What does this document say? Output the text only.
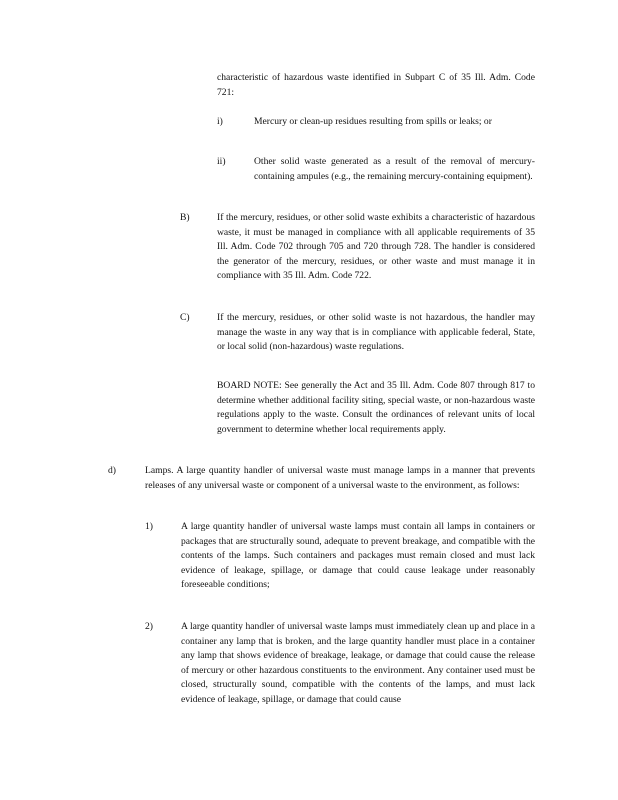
characteristic of hazardous waste identified in Subpart C of 35 Ill. Adm. Code 721:

i)	Mercury or clean-up residues resulting from spills or leaks; or

ii)	Other solid waste generated as a result of the removal of mercury-containing ampules (e.g., the remaining mercury-containing equipment).

B)	If the mercury, residues, or other solid waste exhibits a characteristic of hazardous waste, it must be managed in compliance with all applicable requirements of 35 Ill. Adm. Code 702 through 705 and 720 through 728. The handler is considered the generator of the mercury, residues, or other waste and must manage it in compliance with 35 Ill. Adm. Code 722.

C)	If the mercury, residues, or other solid waste is not hazardous, the handler may manage the waste in any way that is in compliance with applicable federal, State, or local solid (non-hazardous) waste regulations.

BOARD NOTE: See generally the Act and 35 Ill. Adm. Code 807 through 817 to determine whether additional facility siting, special waste, or non-hazardous waste regulations apply to the waste. Consult the ordinances of relevant units of local government to determine whether local requirements apply.

d)	Lamps. A large quantity handler of universal waste must manage lamps in a manner that prevents releases of any universal waste or component of a universal waste to the environment, as follows:

1)	A large quantity handler of universal waste lamps must contain all lamps in containers or packages that are structurally sound, adequate to prevent breakage, and compatible with the contents of the lamps. Such containers and packages must remain closed and must lack evidence of leakage, spillage, or damage that could cause leakage under reasonably foreseeable conditions;

2)	A large quantity handler of universal waste lamps must immediately clean up and place in a container any lamp that is broken, and the large quantity handler must place in a container any lamp that shows evidence of breakage, leakage, or damage that could cause the release of mercury or other hazardous constituents to the environment. Any container used must be closed, structurally sound, compatible with the contents of the lamps, and must lack evidence of leakage, spillage, or damage that could cause
